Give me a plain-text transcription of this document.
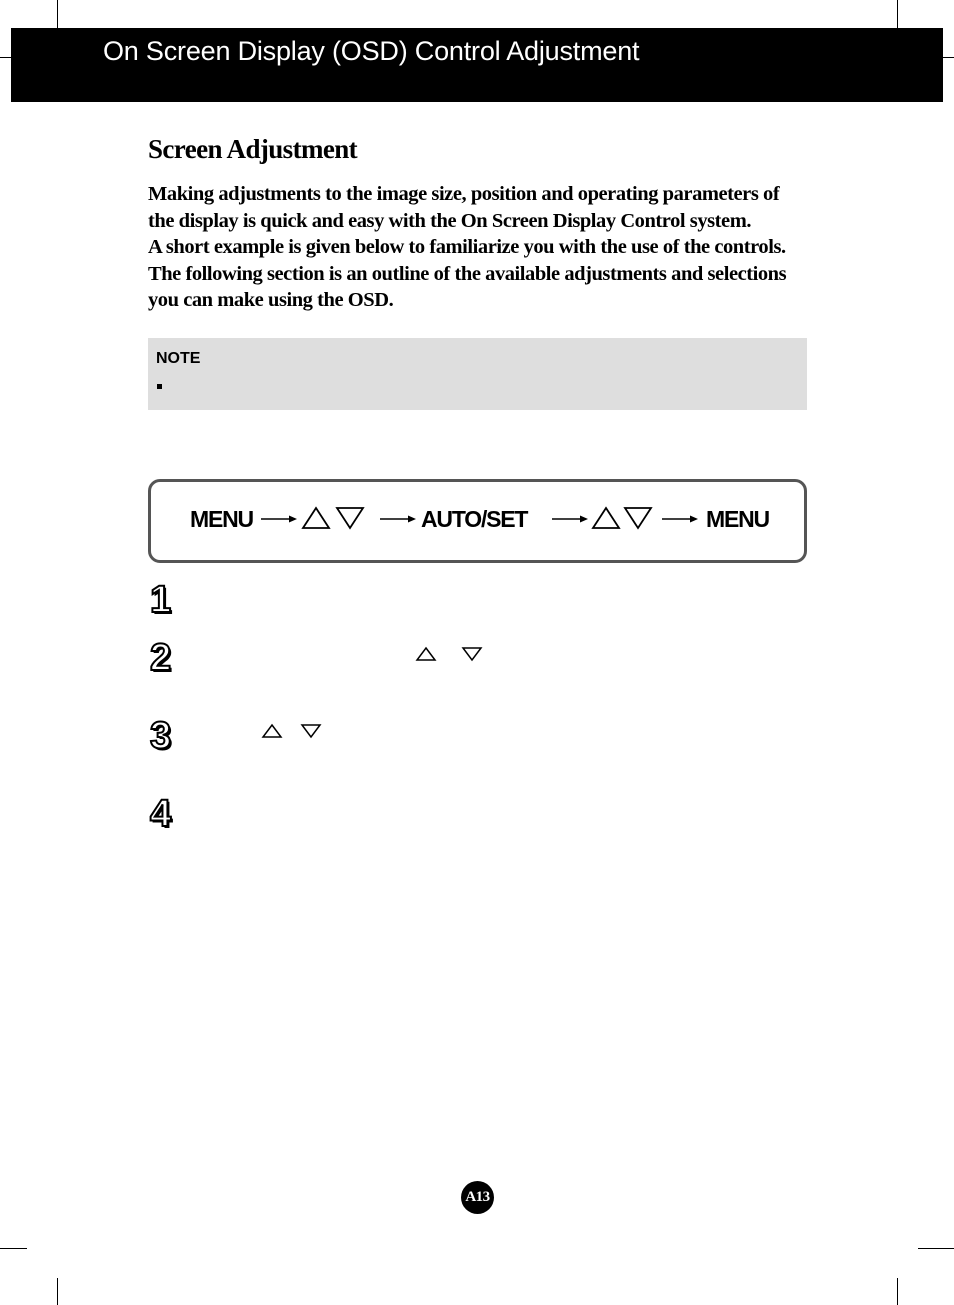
On Screen Display (OSD) Control Adjustment
Screen Adjustment

Making adjustments to the image size, position and operating parameters of

the display is quick and easy with the On Screen Display Control system.

A short example is given below to familiarize you with the use of the controls.

The following section is an outline of the available adjustments and selections

you can make using the OSD.

NOTE
MENU	AUTO/SET	MENU
1
2
3
4
A13
